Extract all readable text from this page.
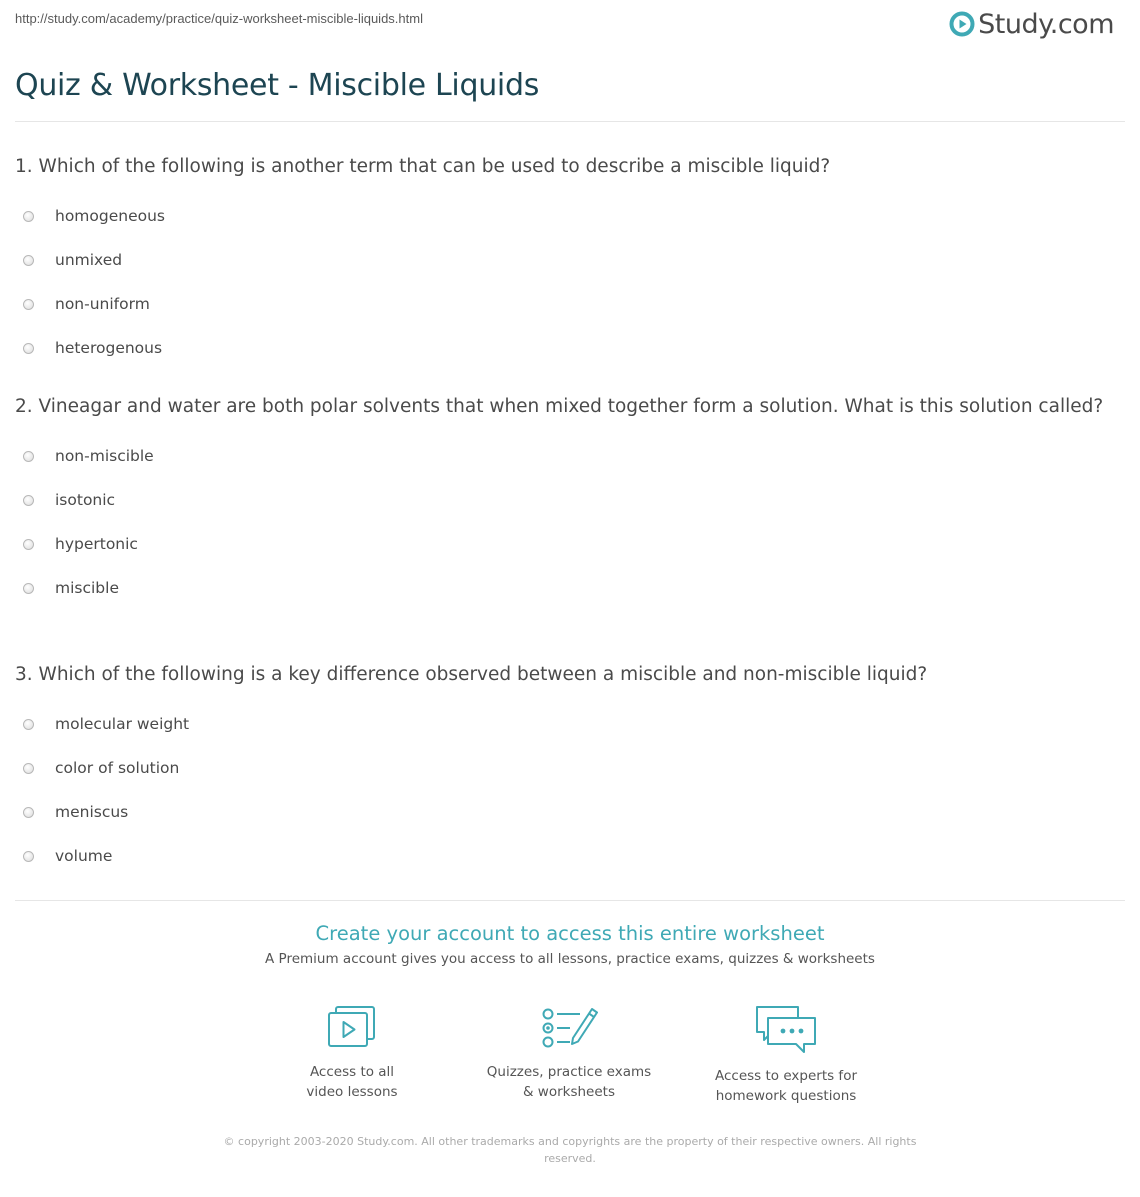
http://study.com/academy/practice/quiz-worksheet-miscible-liquids.html	Study.com
Quiz & Worksheet - Miscible Liquids

1. Which of the following is another term that can be used to describe a miscible liquid?

homogeneous
unmixed
non-uniform
heterogenous

2. Vineagar and water are both polar solvents that when mixed together form a solution. What is this solution called?

non-miscible
isotonic
hypertonic
miscible

3. Which of the following is a key difference observed between a miscible and non-miscible liquid?

molecular weight
color of solution
meniscus
volume

Create your account to access this entire worksheet

A Premium account gives you access to all lessons, practice exams, quizzes & worksheets
Access to all
video lessons
Quizzes, practice exams
& worksheets
Access to experts for
homework questions
© copyright 2003-2020 Study.com. All other trademarks and copyrights are the property of their respective owners. All rights reserved.
